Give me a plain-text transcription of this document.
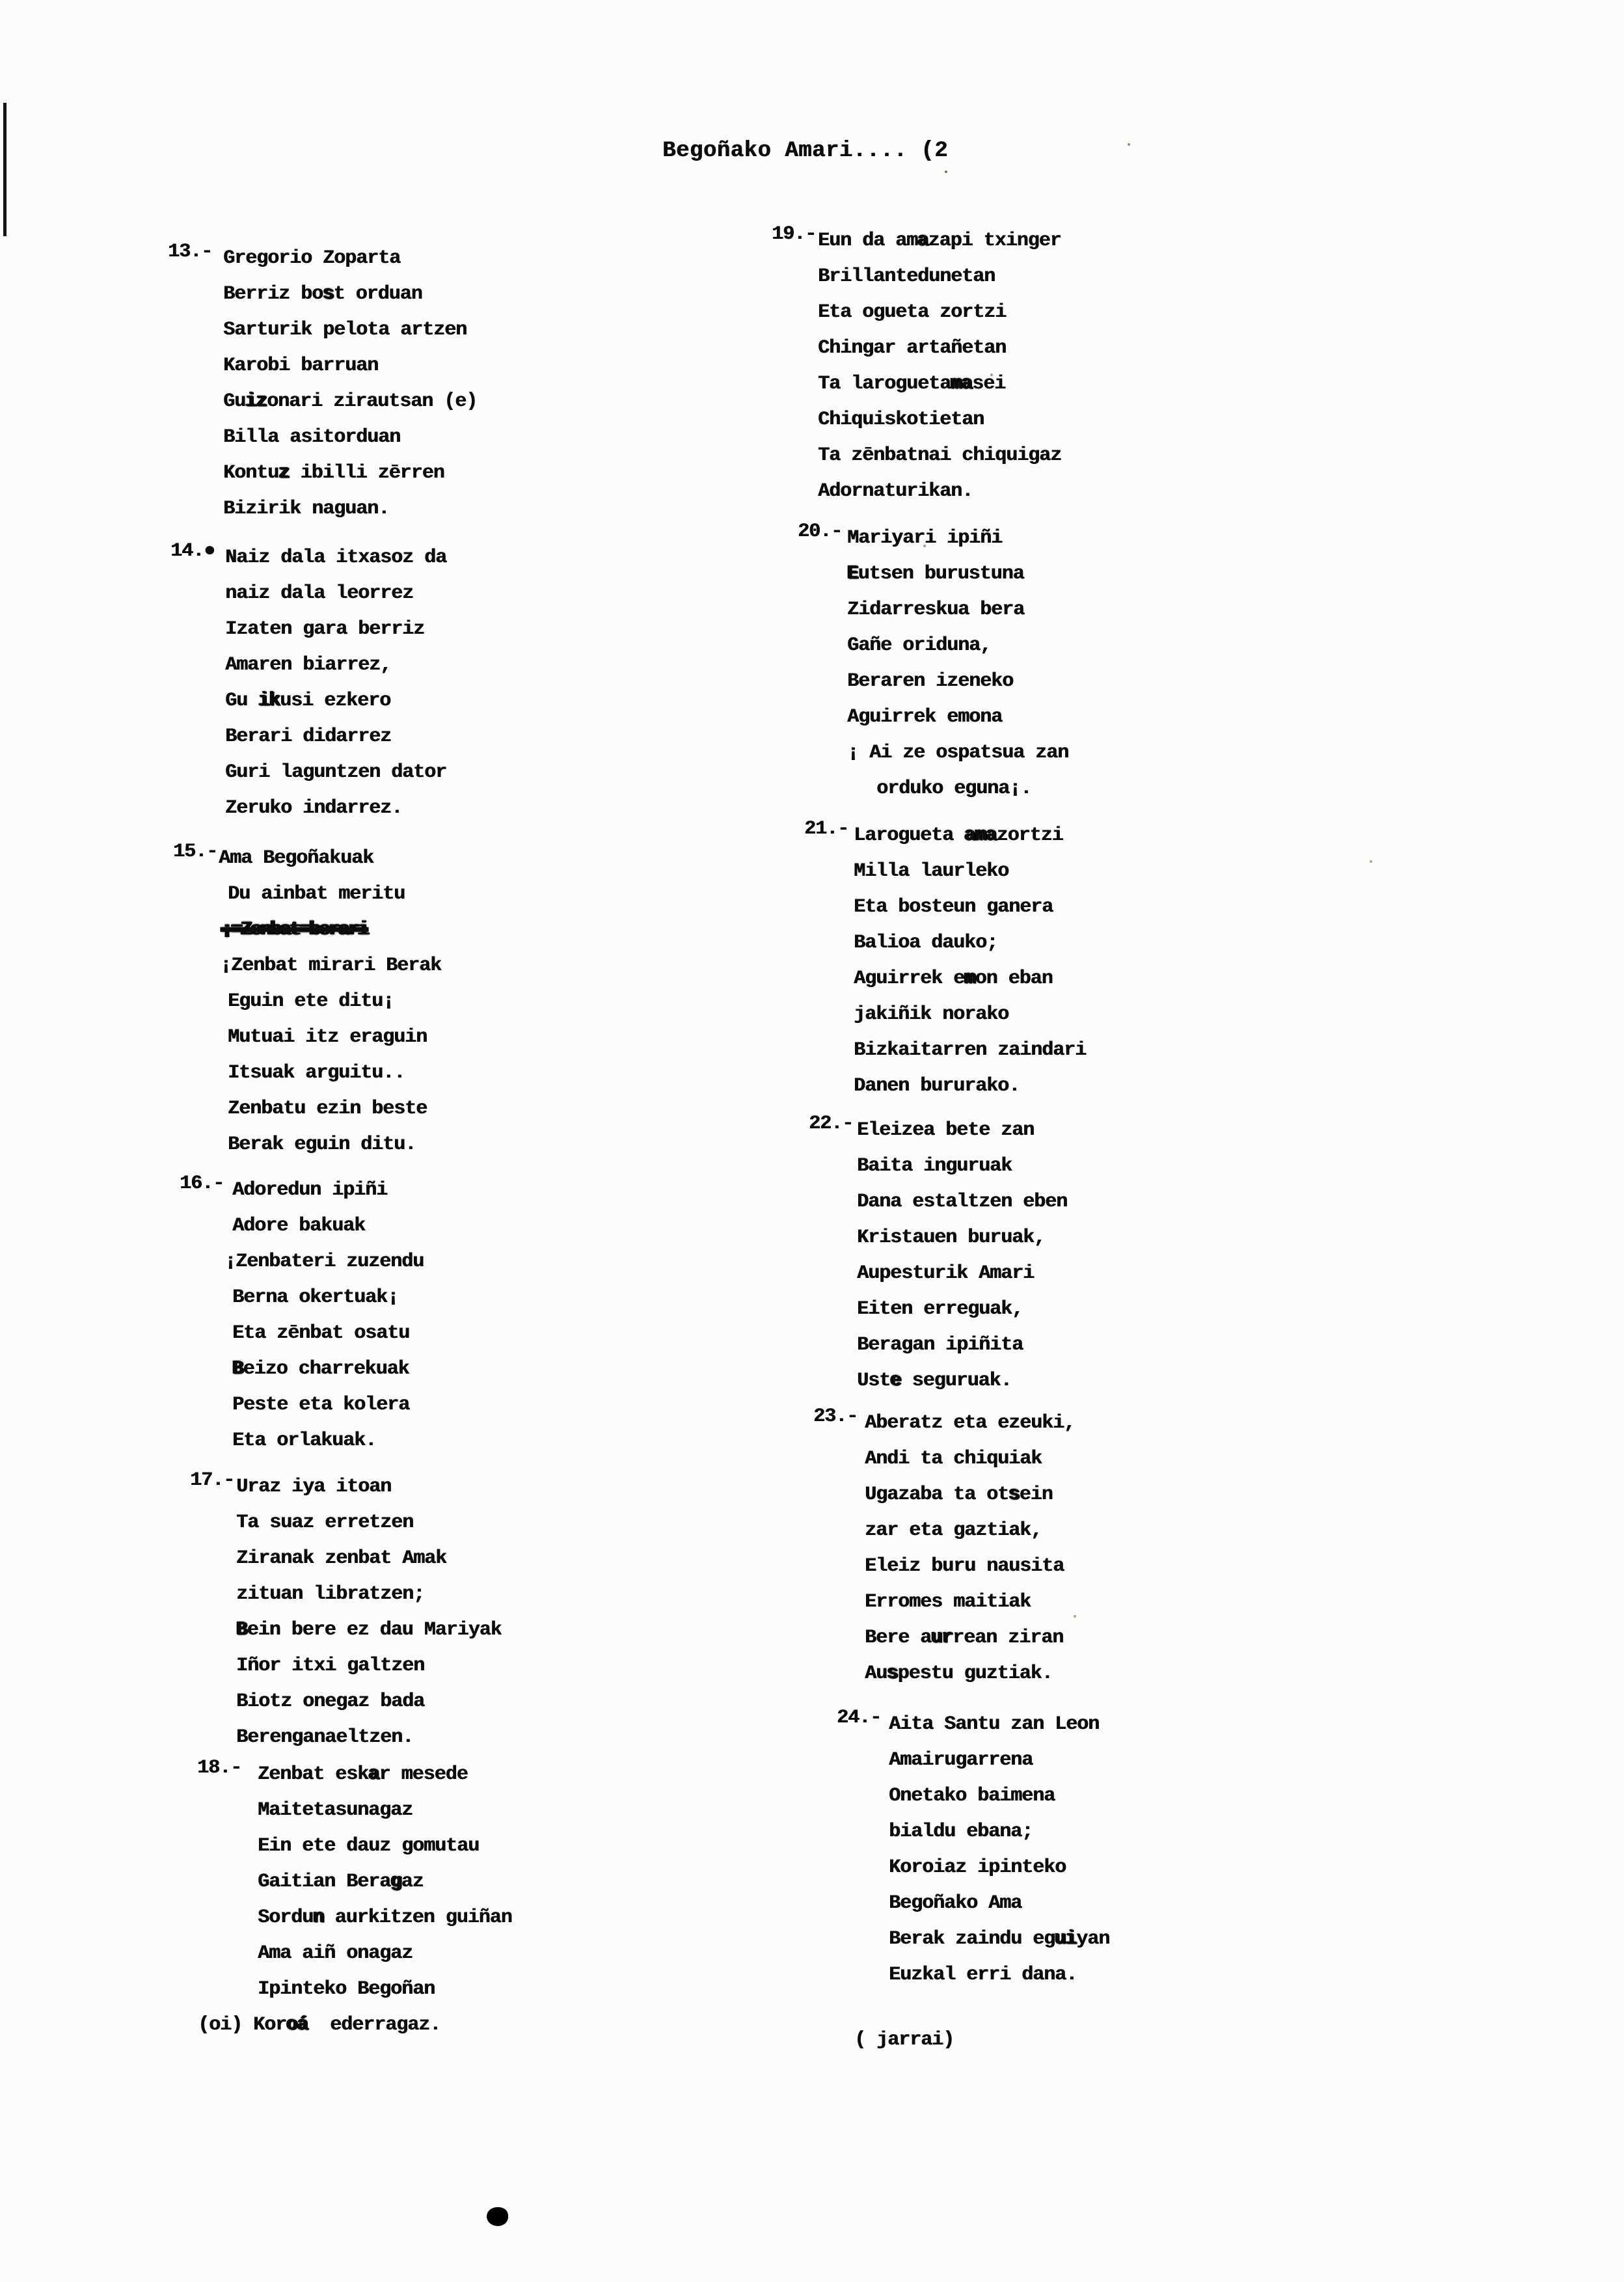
Begoñako Amari.... (2
13.- Gregorio Zoparta
Berriz bost orduan
Sarturik pelota artzen
Karobi barruan
Guizonari zirautsan (e)
Billa asitorduan
Kontuz ibilli zērren
Bizirik naguan.
14.● Naiz dala itxasoz da
naiz dala leorrez
Izaten gara berriz
Amaren biarrez,
Gu ikusi ezkero
Berari didarrez
Guri laguntzen dator
Zeruko indarrez.
15.- Ama Begoñakuak
Du ainbat meritu
¡=Zenbat=berari
¡Zenbat mirari Berak
Eguin ete ditu¡
Mutuai itz eraguin
Itsuak arguitu..
Zenbatu ezin beste
Berak eguin ditu.
16.- Adoredun ipiñi
Adore bakuak
¡Zenbateri zuzendu
Berna okertuak¡
Eta zēnbat osatu
Beizo charrekuak
Peste eta kolera
Eta orlakuak.
17.- Uraz iya itoan
Ta suaz erretzen
Ziranak zenbat Amak
zituan libratzen;
Bein bere ez dau Mariyak
Iñor itxi galtzen
Biotz onegaz bada
Berenganaeltzen.
18.- Zenbat eskar mesede
Maitetasunagaz
Ein ete dauz gomutau
Gaitian Beragaz
Sordun aurkitzen guiñan
Ama aiñ onagaz
Ipinteko Begoñan
(oi) Koroá  ederragaz.
19.- Eun da amazapi txinger
Brillantedunetan
Eta ogueta zortzi
Chingar artañetan
Ta laroguetamasei
Chiquiskotietan
Ta zēnbatnai chiquigaz
Adornaturikan.
20.- Mariyari ipiñi
Eutsen burustuna
Zidarreskua bera
Gañe oriduna,
Beraren izeneko
Aguirrek emona
¡ Ai ze ospatsua zan
orduko eguna¡.
21.- Larogueta amazortzi
Milla laurleko
Eta bosteun ganera
Balioa dauko;
Aguirrek emon eban
jakiñik norako
Bizkaitarren zaindari
Danen bururako.
22.- Eleizea bete zan
Baita inguruak
Dana estaltzen eben
Kristauen buruak,
Aupesturik Amari
Eiten erreguak,
Beragan ipiñita
Uste seguruak.
23.- Aberatz eta ezeuki,
Andi ta chiquiak
Ugazaba ta otsein
zar eta gaztiak,
Eleiz buru nausita
Erromes maitiak
Bere aurrean ziran
Auspestu guztiak.
24.- Aita Santu zan Leon
Amairugarrena
Onetako baimena
bialdu ebana;
Koroiaz ipinteko
Begoñako Ama
Berak zaindu eguiyan
Euzkal erri dana.
( jarrai)
